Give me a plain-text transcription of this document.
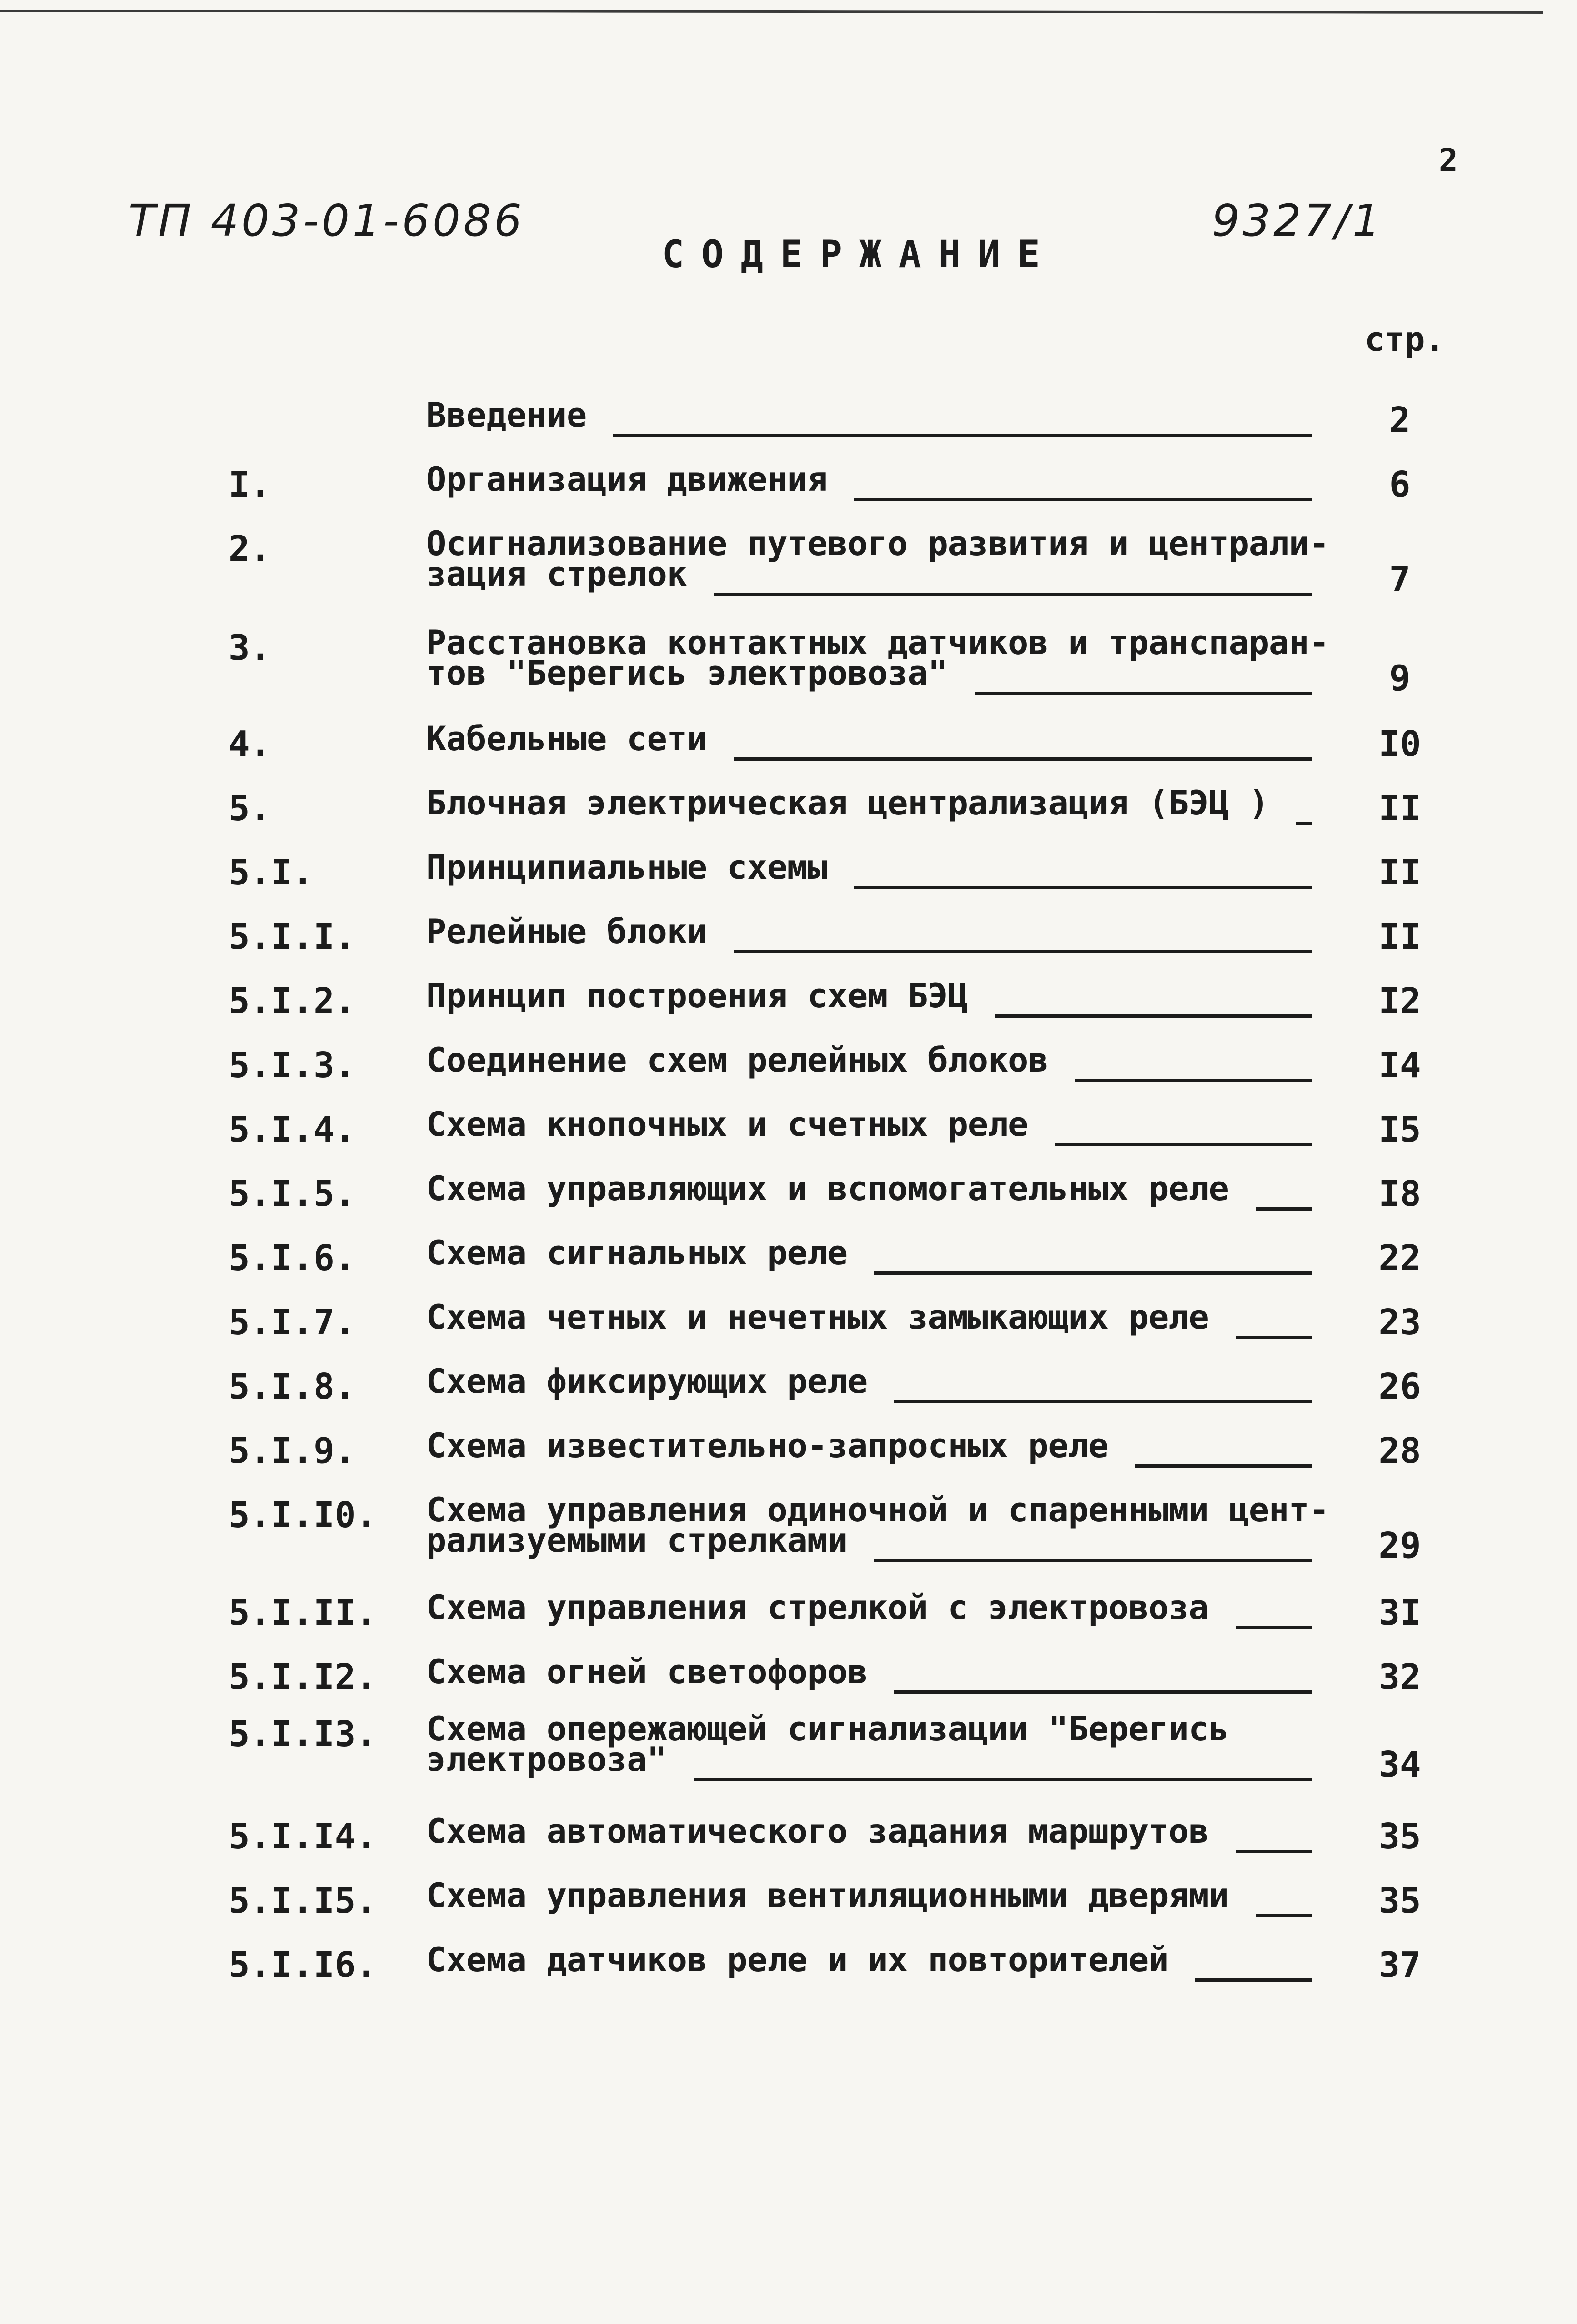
ТП 403-01-6086	9327/1
2
СОДЕРЖАНИЕ
стр.
Введение	2
I.	Организация движения	6
2.	Осигнализование путевого развития и централи-
зация стрелок	7
3.	Расстановка контактных датчиков и транспаран-
тов "Берегись электровоза"	9
4.	Кабельные сети	I0
5.	Блочная электрическая централизация (БЭЦ )	II
5.I.	Принципиальные схемы	II
5.I.I. Релейные блоки	II
5.I.2. Принцип построения схем БЭЦ	I2
5.I.3. Соединение схем релейных блоков	I4
5.I.4. Схема кнопочных и счетных реле	I5
5.I.5. Схема управляющих и вспомогательных реле	I8
5.I.6. Схема сигнальных реле	22
5.I.7. Схема четных и нечетных замыкающих реле	23
5.I.8. Схема фиксирующих реле	26
5.I.9. Схема известительно-запросных реле	28
5.I.I0. Схема управления одиночной и спаренными цент-
рализуемыми стрелками	29
5.I.II. Схема управления стрелкой с электровоза	3I
5.I.I2. Схема огней светофоров	32
5.I.I3. Схема опережающей сигнализации "Берегись
электровоза"	34
5.I.I4. Схема автоматического задания маршрутов	35
5.I.I5. Схема управления вентиляционными дверями	35
5.I.I6. Схема датчиков реле и их повторителей	37
